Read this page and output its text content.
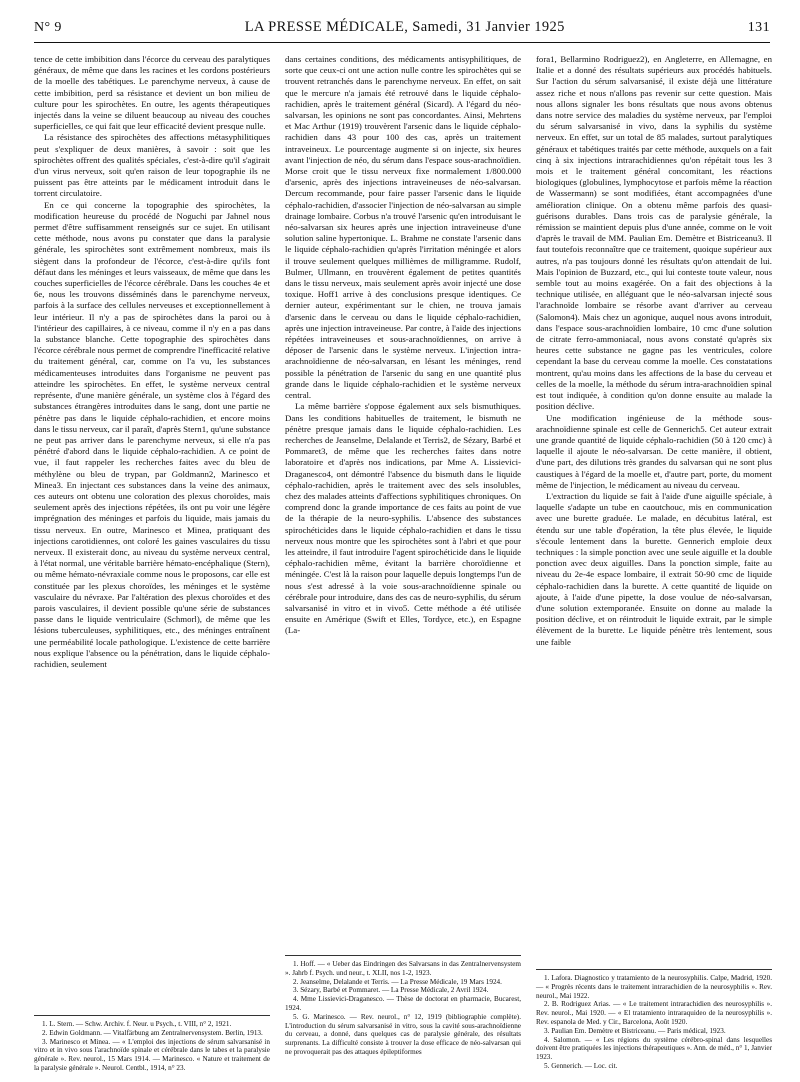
N° 9	LA PRESSE MÉDICALE, Samedi, 31 Janvier 1925	131

tence de cette imbibition dans l'écorce du cerveau des paralytiques généraux, de même que dans les racines et les cordons postérieurs de la moelle des tabétiques. Le parenchyme nerveux, à cause de cette imbibition, perd sa résistance et devient un bon milieu de culture pour les spirochètes. En outre, les agents thérapeutiques injectés dans la veine se diluent beaucoup au niveau des couches superficielles, ce qui fait que leur efficacité devient presque nulle.

La résistance des spirochètes des affections métasyphilitiques peut s'expliquer de deux manières, à savoir : soit que les spirochètes offrent des qualités spéciales, c'est-à-dire qu'il s'agirait d'un virus nerveux, soit qu'en raison de leur topographie ils ne puissent pas être atteints par le médicament introduit dans le torrent circulatoire.

En ce qui concerne la topographie des spirochètes, la modification heureuse du procédé de Noguchi par Jahnel nous permet d'être suffisamment renseignés sur ce sujet. En utilisant cette méthode, nous avons pu constater que dans la paralysie générale, les spirochètes sont extrêmement nombreux, mais ils siègent dans la profondeur de l'écorce, c'est-à-dire qu'ils font défaut dans les méninges et leurs vaisseaux, de même que dans les couches superficielles de l'écorce cérébrale. Dans les couches 4e et 6e, nous les trouvons disséminés dans le parenchyme nerveux, parfois à la surface des cellules nerveuses et exceptionnellement à leur intérieur. Il n'y a pas de spirochètes dans la paroi ou à l'intérieur des capillaires, à ce niveau, comme il n'y en a pas dans la substance blanche. Cette topographie des spirochètes dans l'écorce cérébrale nous permet de comprendre l'inefficacité relative du traitement général, car, comme on l'a vu, les substances médicamenteuses introduites dans l'organisme ne peuvent pas atteindre les spirochètes. En effet, le système nerveux central représente, d'une manière générale, un système clos à l'égard des substances étrangères introduites dans le sang, dont une partie ne pénètre pas dans le liquide céphalo-rachidien, et encore moins dans le tissu nerveux, car il paraît, d'après Stern1, qu'une substance ne peut pas arriver dans le parenchyme nerveux, si elle n'a pas pénétré d'abord dans le liquide céphalo-rachidien. A ce point de vue, il faut rappeler les recherches faites avec du bleu de méthylène ou bleu de trypan, par Goldmann2, Marinesco et Minea3. En injectant ces substances dans la veine des animaux, ces auteurs ont obtenu une coloration des plexus choroïdes, mais seulement après des injections répétées, ils ont pu voir une légère imprégnation des méninges et parfois du liquide, mais jamais du tissu nerveux. En outre, Marinesco et Minea, pratiquant des injections carotidiennes, ont coloré les gaines vasculaires du tissu nerveux. Il existerait donc, au niveau du système nerveux central, à l'état normal, une véritable barrière hémato-encéphalique (Stern), ou même hémato-névraxiale comme nous le proposons, car elle est constituée par les plexus choroïdes, les méninges et le système vasculaire du névraxe. Par l'altération des plexus choroïdes et des parois vasculaires, il devient possible qu'une série de substances passe dans le liquide ventriculaire (Schmorl), de même que les lésions tuberculeuses, syphilitiques, etc., des méninges entraînent une perméabilité locale pathologique. L'existence de cette barrière nous explique l'absence ou la pénétration, dans le liquide céphalo-rachidien, seulement

1. L. Stern. — Schw. Archiv. f. Neur. u Psych., t. VIII, n° 2, 1921.

2. Edwin Goldmann. — Vitalfärbung am Zentralnervensystem. Berlin, 1913.

3. Marinesco et Minea. — « L'emploi des injections de sérum salvarsanisé in vitro et in vivo sous l'arachnoïde spinale et cérébrale dans le tabes et la paralysie générale ». Rev. neurol., 15 Mars 1914. — Marinesco. « Nature et traitement de la paralysie générale ». Neurol. Centbl., 1914, n° 23.

dans certaines conditions, des médicaments antisyphilitiques, de sorte que ceux-ci ont une action nulle contre les spirochètes qui se trouvent retranchés dans le parenchyme nerveux. En effet, on sait que le mercure n'a jamais été retrouvé dans le liquide céphalo-rachidien, après le traitement général (Sicard). A l'égard du néo-salvarsan, les opinions ne sont pas concordantes. Ainsi, Mehrtens et Mac Arthur (1919) trouvèrent l'arsenic dans le liquide céphalo-rachidien dans 43 pour 100 des cas, après un traitement intraveineux. Le pourcentage augmente si on injecte, six heures avant l'injection de néo, du sérum dans l'espace sous-arachnoïdien. Morse croit que le tissu nerveux fixe normalement 1/800.000 d'arsenic, après des injections intraveineuses de néo-salvarsan. Dercum recommande, pour faire passer l'arsenic dans le liquide céphalo-rachidien, d'associer l'injection de néo-salvarsan au simple drainage lombaire. Corbus n'a trouvé l'arsenic qu'en introduisant le néo-salvarsan six heures après une injection intraveineuse d'une solution saline hypertonique. L. Brahme ne constate l'arsenic dans le liquide céphalo-rachidien qu'après l'irritation méningée et alors il trouve seulement quelques millièmes de milligramme. Rudolf, Bulmer, Ullmann, en trouvèrent également de petites quantités dans le tissu nerveux, mais seulement après avoir injecté une dose toxique. Hoff1 arrive à des conclusions presque identiques. Ce dernier auteur, expérimentant sur le chien, ne trouva jamais d'arsenic dans le cerveau ou dans le liquide céphalo-rachidien, après une injection intraveineuse. Par contre, à l'aide des injections répétées intraveineuses et sous-arachnoïdiennes, on arrive à déposer de l'arsenic dans le système nerveux. L'injection intra-arachnoïdienne de néo-salvarsan, en lésant les méninges, rend possible la pénétration de l'arsenic du sang en une quantité plus grande dans le liquide céphalo-rachidien et le système nerveux central.

La même barrière s'oppose également aux sels bismuthiques. Dans les conditions habituelles de traitement, le bismuth ne pénètre presque jamais dans le liquide céphalo-rachidien. Les recherches de Jeanselme, Delalande et Terris2, de Sézary, Barbé et Pommaret3, de même que les recherches faites dans notre laboratoire et d'après nos indications, par Mme A. Lissievici-Draganesco4, ont démontré l'absence du bismuth dans le liquide céphalo-rachidien, après le traitement avec des sels insolubles, chez des malades atteints d'affections syphilitiques chroniques. On comprend donc la grande importance de ces faits au point de vue de la thérapie de la neuro-syphilis. L'absence des substances spirochéticides dans le liquide céphalo-rachidien et dans le tissu nerveux nous montre que les spirochètes sont à l'abri et que pour les atteindre, il faut introduire l'agent spirochéticide dans le liquide céphalo-rachidien même, évitant la barrière choroïdienne et méningée. C'est là la raison pour laquelle depuis longtemps l'un de nous s'est adressé à la voie sous-arachnoïdienne spinale ou cérébrale pour introduire, dans des cas de neuro-syphilis, du sérum salvarsanisé in vitro et in vivo5. Cette méthode a été utilisée ensuite en Amérique (Swift et Elles, Tordyce, etc.), en Espagne (La-

1. Hoff. — « Ueber das Eindringen des Salvarsans in das Zentralnervensystem ». Jahrb f. Psych. und neur., t. XLII, nos 1-2, 1923.

2. Jeanselme, Delalande et Terris. — La Presse Médicale, 19 Mars 1924.

3. Sézary, Barbé et Pommaret. — La Presse Médicale, 2 Avril 1924.

4. Mme Lissievici-Draganesco. — Thèse de doctorat en pharmacie, Bucarest, 1924.

5. G. Marinesco. — Rev. neurol., n° 12, 1919 (bibliographie complète). L'introduction du sérum salvarsanisé in vitro, sous la cavité sous-arachnoïdienne du cerveau, a donné, dans quelques cas de paralysie générale, des résultats surprenants. La difficulté consiste à trouver la dose efficace de néo-salvarsan qui ne provoquerait pas des attaques épileptiformes

fora1, Bellarmino Rodriguez2), en Angleterre, en Allemagne, en Italie et a donné des résultats supérieurs aux procédés habituels. Sur l'action du sérum salvarsanisé, il existe déjà une littérature assez riche et nous n'allons pas revenir sur cette question. Mais nous allons signaler les bons résultats que nous avons obtenus dans notre service des maladies du système nerveux, par l'emploi du sérum salvarsanisé in vivo, dans la syphilis du système nerveux. En effet, sur un total de 85 malades, surtout paralytiques généraux et tabétiques traités par cette méthode, auxquels on a fait cinq à six injections intrarachidiennes qu'on répétait tous les 3 mois et le traitement général concomitant, les réactions biologiques (globulines, lymphocytose et parfois même la réaction de Wassermann) se sont modifiées, étant accompagnées d'une amélioration clinique. On a obtenu même parfois des quasi-guérisons durables. Dans trois cas de paralysie générale, la rémission se maintient depuis plus d'une année, comme on le voit d'après le travail de MM. Paulian Em. Demètre et Bistriceanu3. Il faut toutefois reconnaître que ce traitement, quoique supérieur aux autres, n'a pas toujours donné les résultats qu'on attendait de lui. Mais l'opinion de Buzzard, etc., qui lui conteste toute valeur, nous semble tout au moins exagérée. On a fait des objections à la technique utilisée, en alléguant que le néo-salvarsan injecté sous l'arachnoïde lombaire se résorbe avant d'arriver au cerveau (Salomon4). Mais chez un agonique, auquel nous avons introduit, dans l'espace sous-arachnoïdien lombaire, 10 cmc d'une solution de citrate ferro-ammoniacal, nous avons constaté qu'après six heures cette substance ne gagne pas les ventricules, colore cependant la base du cerveau comme la moelle. Ces constatations montrent, qu'au moins dans les affections de la base du cerveau et celles de la moelle, la méthode du sérum intra-arachnoïdien spinal est tout indiquée, à condition qu'on donne ensuite au malade la position déclive.

Une modification ingénieuse de la méthode sous-arachnoïdienne spinale est celle de Gennerich5. Cet auteur extrait une grande quantité de liquide céphalo-rachidien (50 à 120 cmc) à laquelle il ajoute le néo-salvarsan. De cette manière, il obtient, d'une part, des dilutions très grandes du salvarsan qui ne sont plus caustiques à l'égard de la moelle et, d'autre part, porte, du moment même de l'injection, le médicament au niveau du cerveau.

L'extraction du liquide se fait à l'aide d'une aiguille spéciale, à laquelle s'adapte un tube en caoutchouc, mis en communication avec une burette graduée. Le malade, en décubitus latéral, est étendu sur une table d'opération, la tête plus élevée, le liquide s'écoule lentement dans la burette. Gennerich emploie deux techniques : la simple ponction avec une seule aiguille et la double ponction avec deux aiguilles. Dans la ponction simple, faite au niveau du 2e-4e espace lombaire, il extrait 50-90 cmc de liquide céphalo-rachidien dans la burette. A cette quantité de liquide on ajoute, à l'aide d'une pipette, la dose voulue de néo-salvarsan, d'une solution extemporanée. Ensuite on donne au malade la position déclive, et on réintroduit le liquide extrait, par le simple élèvement de la burette. Le liquide pénètre très lentement, sous une faible

1. Lafora. Diagnostico y tratamiento de la neurosyphilis. Calpe, Madrid, 1920. — « Progrès récents dans le traitement intrarachidien de la neurosyphilis ». Rev. neurol., Mai 1922.

2. B. Rodriguez Arias. — « Le traitement intrarachidien des neurosyphilis ». Rev. neurol., Mai 1920. — « El tratamiento intraraquideo de la neurosyphilis ». Rev. espanola de Med. y Cir., Barcelona, Août 1920.

3. Paulian Em. Demètre et Bistriceanu. — Paris médical, 1923.

4. Salomon. — « Les régions du système cérébro-spinal dans lesquelles doivent être pratiquées les injections thérapeutiques ». Ann. de méd., n° 1, Janvier 1923.

5. Gennerich. — Loc. cit.
